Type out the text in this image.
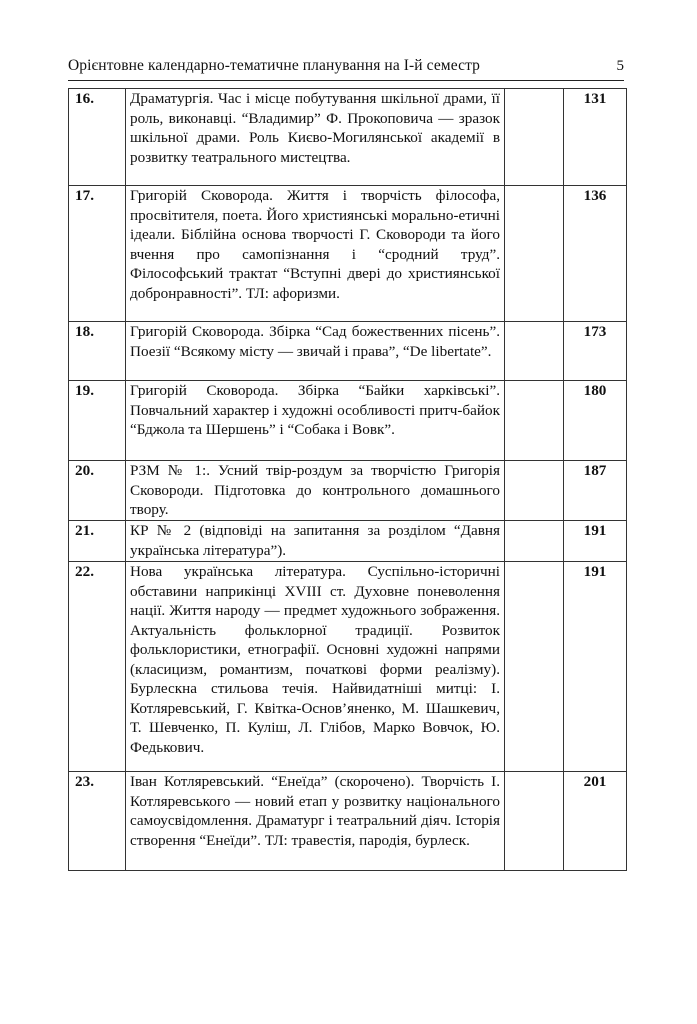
Орієнтовне календарно-тематичне планування на І-й семестр	5
16.	Драматургія. Час і місце побутування шкільної драми, її роль, виконавці. “Владимир” Ф. Прокоповича — зразок шкільної драми. Роль Києво-Могилянської академії в розвитку театрального мистецтва.		131
17.	Григорій Сковорода. Життя і творчість філософа, просвітителя, поета. Його християнські морально-етичні ідеали. Біблійна основа творчості Г. Сковороди та його вчення про самопізнання і “сродний труд”. Філософський трактат “Вступні двері до християнської добронравності”. ТЛ: афоризми.		136
18.	Григорій Сковорода. Збірка “Сад божественних пісень”. Поезії “Всякому місту — звичай і права”, “De libertate”.		173
19.	Григорій Сковорода. Збірка “Байки харківські”. Повчальний характер і художні особливості притч-байок “Бджола та Шершень” і “Собака і Вовк”.		180
20.	РЗМ № 1:. Усний твір-роздум за творчістю Григорія Сковороди. Підготовка до контрольного домашнього твору.		187
21.	КР № 2 (відповіді на запитання за розділом “Давня українська література”).		191
22.	Нова українська література. Суспільно-історичні обставини наприкінці XVIII ст. Духовне поневолення нації. Життя народу — предмет художнього зображення. Актуальність фольклорної традиції. Розвиток фольклористики, етнографії. Основні художні напрями (класицизм, романтизм, початкові форми реалізму). Бурлескна стильова течія. Найвидатніші митці: І. Котляревський, Г. Квітка-Основ’яненко, М. Шашкевич, Т. Шевченко, П. Куліш, Л. Глібов, Марко Вовчок, Ю. Федькович.		191
23.	Іван Котляревський. “Енеїда” (скорочено). Творчість І. Котляревського — новий етап у розвитку національного самоусвідомлення. Драматург і театральний діяч. Історія створення “Енеїди”. ТЛ: травестія, пародія, бурлеск.		201
